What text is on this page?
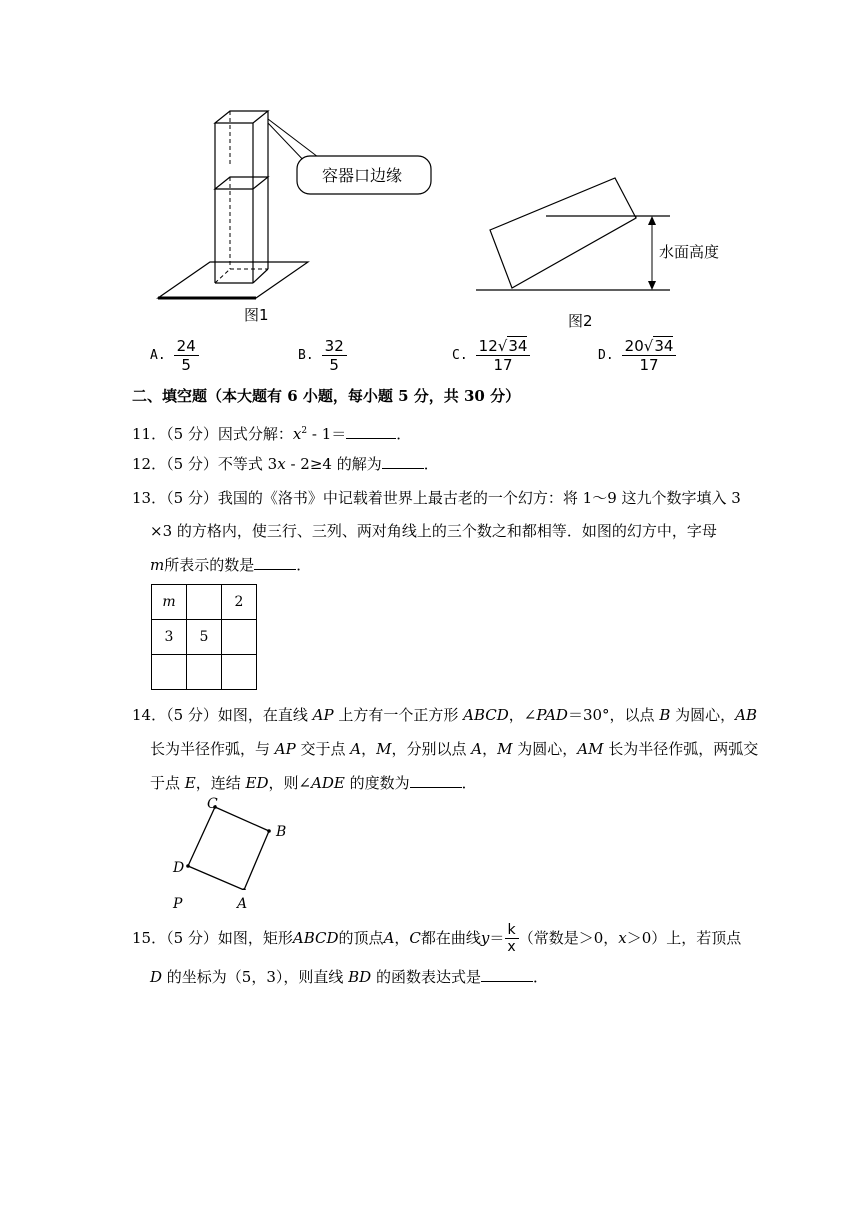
容器口边缘
图1
水面高度
图2
A. $\frac{24}{5}$	B. $\frac{32}{5}$	C. $\frac{12√34}{17}$	D. $\frac{20√34}{17}$
二、填空题（本大题有 6 小题，每小题 5 分，共 30 分）
11．（5 分）因式分解：$x^2 - 1=$	．
12．（5 分）不等式 3x - 2≥4 的解为	．
13．（5 分）我国的《洛书》中记载着世界上最古老的一个幻方：将 1～9 这九个数字填入 3
×3 的方格内，使三行、三列、两对角线上的三个数之和都相等．如图的幻方中，字母
m所表示的数是	．
m		2
3	5	

14．（5 分）如图，在直线 AP 上方有一个正方形 ABCD，∠PAD＝30°，以点 B 为圆心，AB
长为半径作弧，与 AP 交于点 A，M，分别以点 A，M 为圆心，AM 长为半径作弧，两弧交
于点 E，连结 ED，则∠ADE 的度数为	．
C
B
D
P	A
15．（5 分）如图，矩形 ABCD 的顶点 A ， C 都在曲线 $y = \frac{k}{x}$ （常数是＞0， x ＞0）上，若顶点
D 的坐标为（5，3），则直线 BD 的函数表达式是	．
